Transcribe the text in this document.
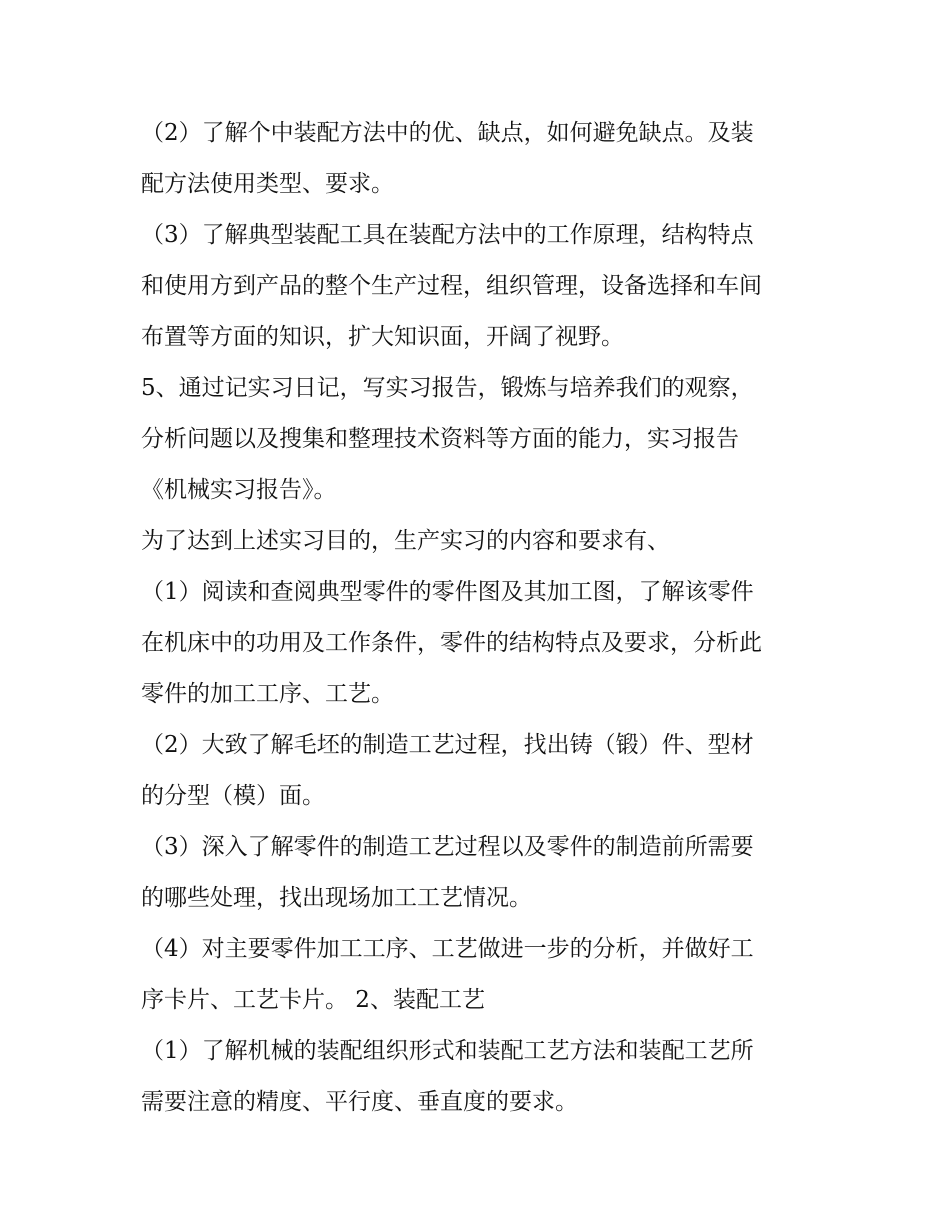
（2）了解个中装配方法中的优、缺点，如何避免缺点。及装
配方法使用类型、要求。
（3）了解典型装配工具在装配方法中的工作原理，结构特点
和使用方到产品的整个生产过程，组织管理，设备选择和车间
布置等方面的知识，扩大知识面，开阔了视野。
5、通过记实习日记，写实习报告，锻炼与培养我们的观察，
分析问题以及搜集和整理技术资料等方面的能力，实习报告
《机械实习报告》。
为了达到上述实习目的，生产实习的内容和要求有、
（1）阅读和查阅典型零件的零件图及其加工图，了解该零件
在机床中的功用及工作条件，零件的结构特点及要求，分析此
零件的加工工序、工艺。
（2）大致了解毛坯的制造工艺过程，找出铸（锻）件、型材
的分型（模）面。
（3）深入了解零件的制造工艺过程以及零件的制造前所需要
的哪些处理，找出现场加工工艺情况。
（4）对主要零件加工工序、工艺做进一步的分析，并做好工
序卡片、工艺卡片。 2、装配工艺
（1）了解机械的装配组织形式和装配工艺方法和装配工艺所
需要注意的精度、平行度、垂直度的要求。
